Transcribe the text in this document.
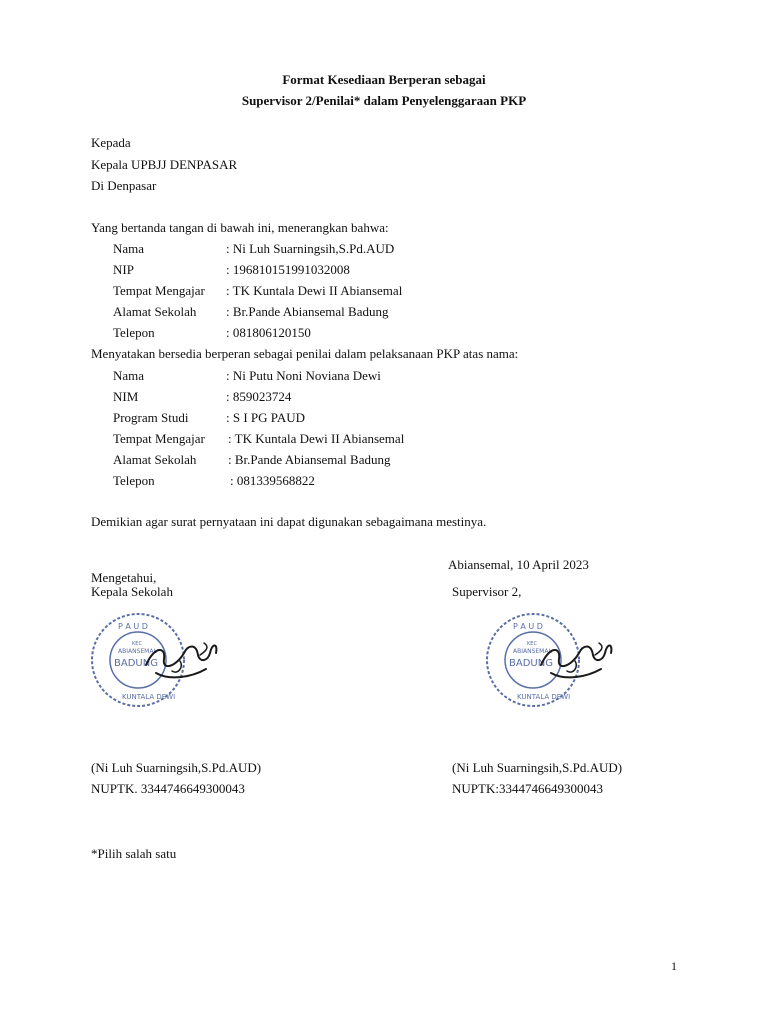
Format Kesediaan Berperan sebagai
Supervisor 2/Penilai* dalam Penyelenggaraan PKP
Kepada
Kepala UPBJJ DENPASAR
Di Denpasar
Yang bertanda tangan di bawah ini, menerangkan bahwa:
Nama	: Ni Luh Suarningsih,S.Pd.AUD
NIP	: 196810151991032008
Tempat Mengajar : TK Kuntala Dewi II Abiansemal
Alamat Sekolah : Br.Pande Abiansemal Badung
Telepon	: 081806120150
Menyatakan bersedia berperan sebagai penilai dalam pelaksanaan PKP atas nama:
Nama	: Ni Putu Noni Noviana Dewi
NIM	: 859023724
Program Studi	: S I PG PAUD
Tempat Mengajar : TK Kuntala Dewi II Abiansemal
Alamat Sekolah : Br.Pande Abiansemal Badung
Telepon	: 081339568822
Demikian agar surat pernyataan ini dapat digunakan sebagaimana mestinya.
Abiansemal, 10 April 2023
Mengetahui,
Kepala Sekolah	Supervisor 2,
P A U D
KEC
ABIANSEMAL
BADUNG
KUNTALA DEWI
P A U D
KEC
ABIANSEMAL
BADUNG
KUNTALA DEWI
(Ni Luh Suarningsih,S.Pd.AUD)	(Ni Luh Suarningsih,S.Pd.AUD)
NUPTK. 3344746649300043	NUPTK:3344746649300043
*Pilih salah satu
1
